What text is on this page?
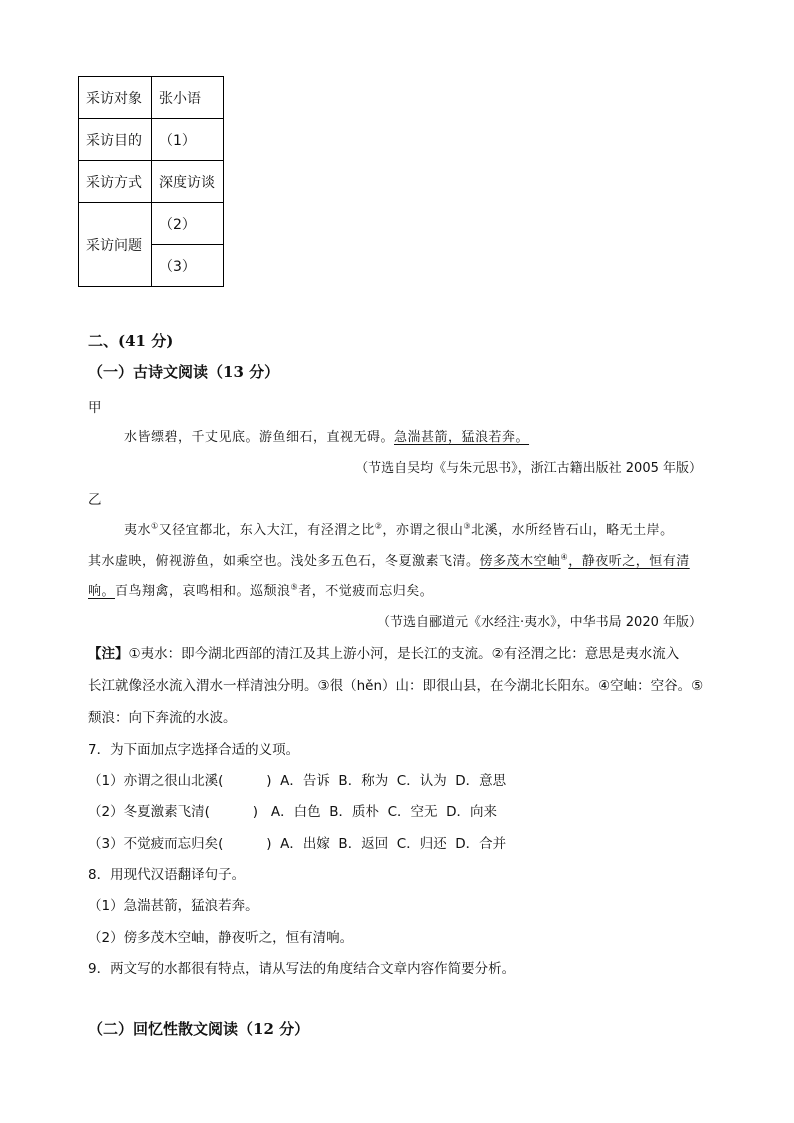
采访对象	张小语
采访目的	（1）
采访方式	深度访谈
采访问题	（2）
	（3）
二、(41 分)
（一）古诗文阅读（13 分）
甲
水皆缥碧，千丈见底。游鱼细石，直视无碍。急湍甚箭，猛浪若奔。
（节选自吴均《与朱元思书》，浙江古籍出版社 2005 年版）
乙
夷水①又径宜都北，东入大江，有泾渭之比②，亦谓之很山③北溪，水所经皆石山，略无土岸。
其水虚映，俯视游鱼，如乘空也。浅处多五色石，冬夏激素飞清。傍多茂木空岫④，静夜听之，恒有清
响。百鸟翔禽，哀鸣相和。巡颓浪⑤者，不觉疲而忘归矣。
（节选自郦道元《水经注·夷水》，中华书局 2020 年版）
【注】①夷水：即今湖北西部的清江及其上游小河，是长江的支流。②有泾渭之比：意思是夷水流入
长江就像泾水流入渭水一样清浊分明。③很（hěn）山：即很山县，在今湖北长阳东。④空岫：空谷。⑤
颓浪：向下奔流的水波。
7．为下面加点字选择合适的义项。
（1）亦谓之很山北溪(          )  A．告诉  B．称为  C．认为  D．意思
（2）冬夏激素飞清(          )   A．白色  B．质朴  C．空无  D．向来
（3）不觉疲而忘归矣(          )  A．出嫁  B．返回  C．归还  D．合并
8．用现代汉语翻译句子。
（1）急湍甚箭，猛浪若奔。
（2）傍多茂木空岫，静夜听之，恒有清响。
9．两文写的水都很有特点，请从写法的角度结合文章内容作简要分析。
（二）回忆性散文阅读（12 分）
